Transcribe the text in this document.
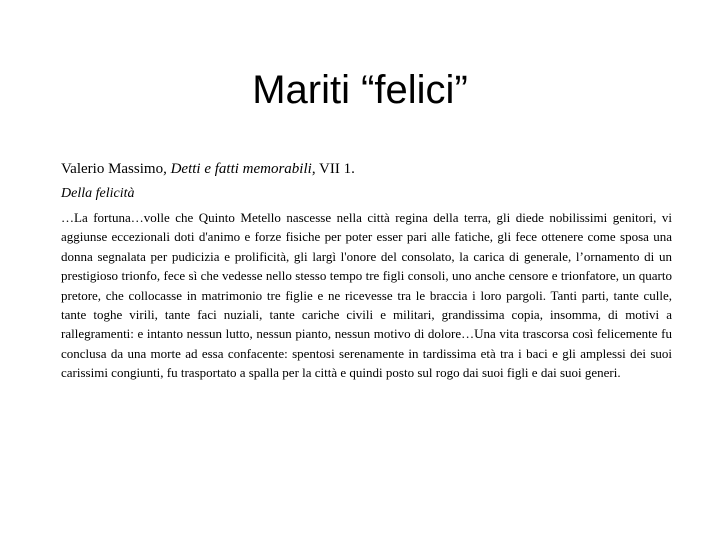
Mariti “felici”

Valerio Massimo, Detti e fatti memorabili, VII 1.

Della felicità

…La fortuna…volle che Quinto Metello nascesse nella città regina della terra, gli diede nobilissimi genitori, vi aggiunse eccezionali doti d'animo e forze fisiche per poter esser pari alle fatiche, gli fece ottenere come sposa una donna segnalata per pudicizia e prolificità, gli largì l'onore del consolato, la carica di generale, l’ornamento di un prestigioso trionfo, fece sì che vedesse nello stesso tempo tre figli consoli, uno anche censore e trionfatore, un quarto pretore, che collocasse in matrimonio tre figlie e ne ricevesse tra le braccia i loro pargoli. Tanti parti, tante culle, tante toghe virili, tante faci nuziali, tante cariche civili e militari, grandissima copia, insomma, di motivi a rallegramenti: e intanto nessun lutto, nessun pianto, nessun motivo di dolore…Una vita trascorsa così felicemente fu conclusa da una morte ad essa confacente: spentosi serenamente in tardissima età tra i baci e gli amplessi dei suoi carissimi congiunti, fu trasportato a spalla per la città e quindi posto sul rogo dai suoi figli e dai suoi generi.
